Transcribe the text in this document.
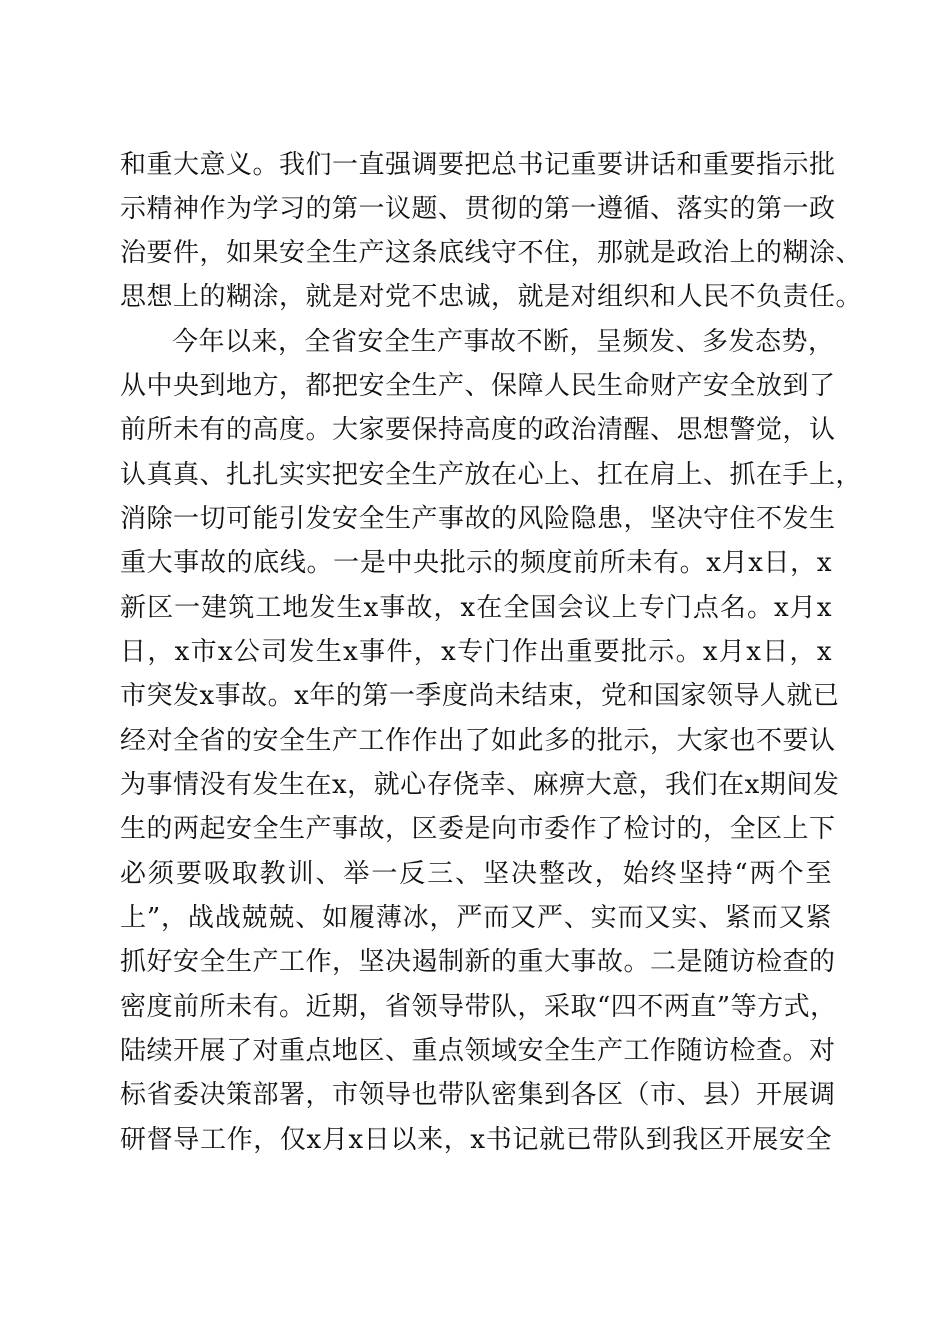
和重大意义。我们一直强调要把总书记重要讲话和重要指示批
示精神作为学习的第一议题、贯彻的第一遵循、落实的第一政
治要件，如果安全生产这条底线守不住，那就是政治上的糊涂、
思想上的糊涂，就是对党不忠诚，就是对组织和人民不负责任。
今年以来，全省安全生产事故不断，呈频发、多发态势，
从中央到地方，都把安全生产、保障人民生命财产安全放到了
前所未有的高度。大家要保持高度的政治清醒、思想警觉，认
认真真、扎扎实实把安全生产放在心上、扛在肩上、抓在手上，
消除一切可能引发安全生产事故的风险隐患，坚决守住不发生
重大事故的底线。一是中央批示的频度前所未有。x月x日，x
新区一建筑工地发生x事故，x在全国会议上专门点名。x月x
日，x市x公司发生x事件，x专门作出重要批示。x月x日，x
市突发x事故。x年的第一季度尚未结束，党和国家领导人就已
经对全省的安全生产工作作出了如此多的批示，大家也不要认
为事情没有发生在x，就心存侥幸、麻痹大意，我们在x期间发
生的两起安全生产事故，区委是向市委作了检讨的，全区上下
必须要吸取教训、举一反三、坚决整改，始终坚持“两个至
上”，战战兢兢、如履薄冰，严而又严、实而又实、紧而又紧
抓好安全生产工作，坚决遏制新的重大事故。二是随访检查的
密度前所未有。近期，省领导带队，采取“四不两直”等方式，
陆续开展了对重点地区、重点领域安全生产工作随访检查。对
标省委决策部署，市领导也带队密集到各区（市、县）开展调
研督导工作，仅x月x日以来，x书记就已带队到我区开展安全
